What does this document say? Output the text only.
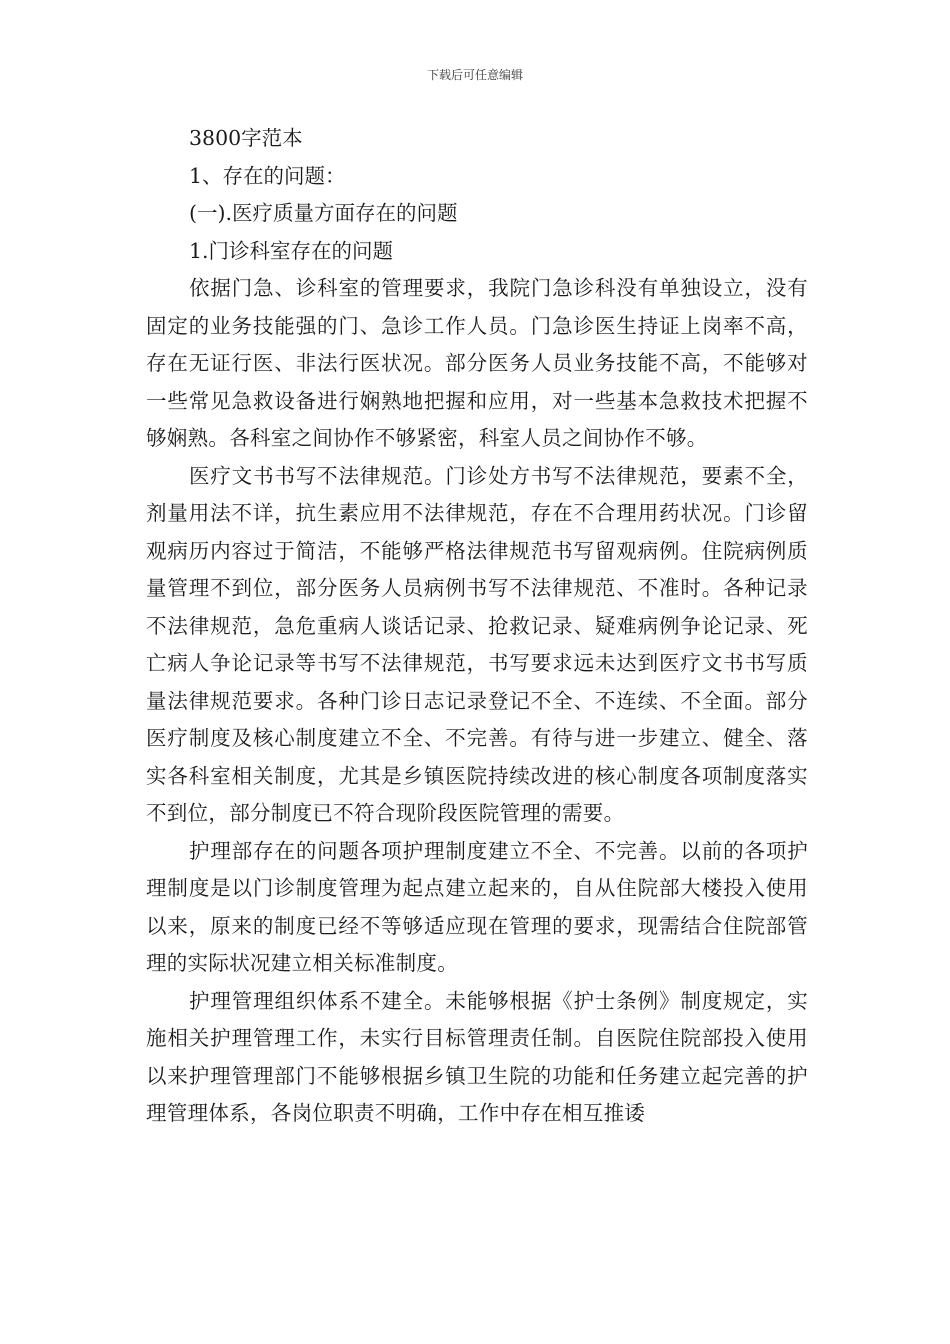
下载后可任意编辑

3800字范本

1、存在的问题：

(一).医疗质量方面存在的问题

1.门诊科室存在的问题

依据门急、诊科室的管理要求，我院门急诊科没有单独设立，没有固定的业务技能强的门、急诊工作人员。门急诊医生持证上岗率不高，存在无证行医、非法行医状况。部分医务人员业务技能不高，不能够对一些常见急救设备进行娴熟地把握和应用，对一些基本急救技术把握不够娴熟。各科室之间协作不够紧密，科室人员之间协作不够。

医疗文书书写不法律规范。门诊处方书写不法律规范，要素不全，剂量用法不详，抗生素应用不法律规范，存在不合理用药状况。门诊留观病历内容过于简洁，不能够严格法律规范书写留观病例。住院病例质量管理不到位，部分医务人员病例书写不法律规范、不准时。各种记录不法律规范，急危重病人谈话记录、抢救记录、疑难病例争论记录、死亡病人争论记录等书写不法律规范，书写要求远未达到医疗文书书写质量法律规范要求。各种门诊日志记录登记不全、不连续、不全面。部分医疗制度及核心制度建立不全、不完善。有待与进一步建立、健全、落实各科室相关制度，尤其是乡镇医院持续改进的核心制度各项制度落实不到位，部分制度已不符合现阶段医院管理的需要。

护理部存在的问题各项护理制度建立不全、不完善。以前的各项护理制度是以门诊制度管理为起点建立起来的，自从住院部大楼投入使用以来，原来的制度已经不等够适应现在管理的要求，现需结合住院部管理的实际状况建立相关标准制度。

护理管理组织体系不建全。未能够根据《护士条例》制度规定，实施相关护理管理工作，未实行目标管理责任制。自医院住院部投入使用以来护理管理部门不能够根据乡镇卫生院的功能和任务建立起完善的护理管理体系，各岗位职责不明确，工作中存在相互推诿
